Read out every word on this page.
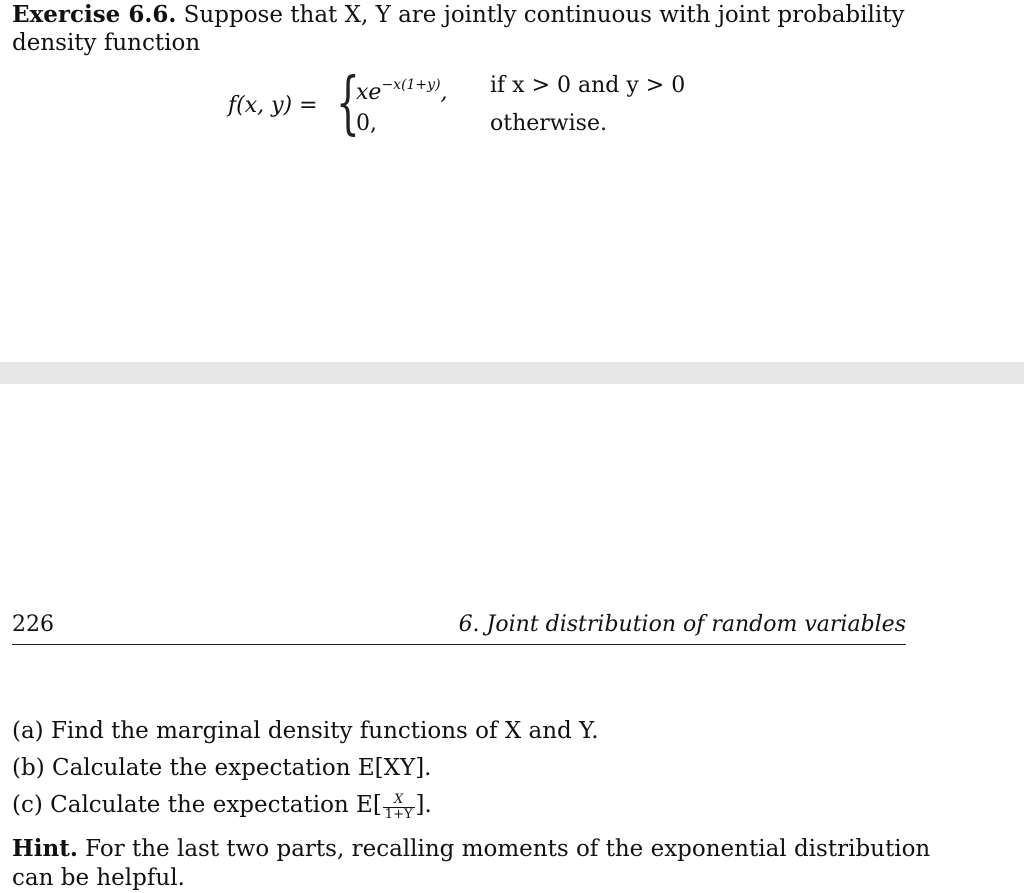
Exercise 6.6. Suppose that X, Y are jointly continuous with joint probability
density function
f(x, y) = {
$xe^{-x(1+y)}$, if x > 0 and y > 0
0,	otherwise.
226	6. Joint distribution of random variables
(a) Find the marginal density functions of X and Y.
(b) Calculate the expectation E[XY].
(c) Calculate the expectation $E[ \frac{X}{1+Y}$ ].
Hint. For the last two parts, recalling moments of the exponential distribution
can be helpful.
